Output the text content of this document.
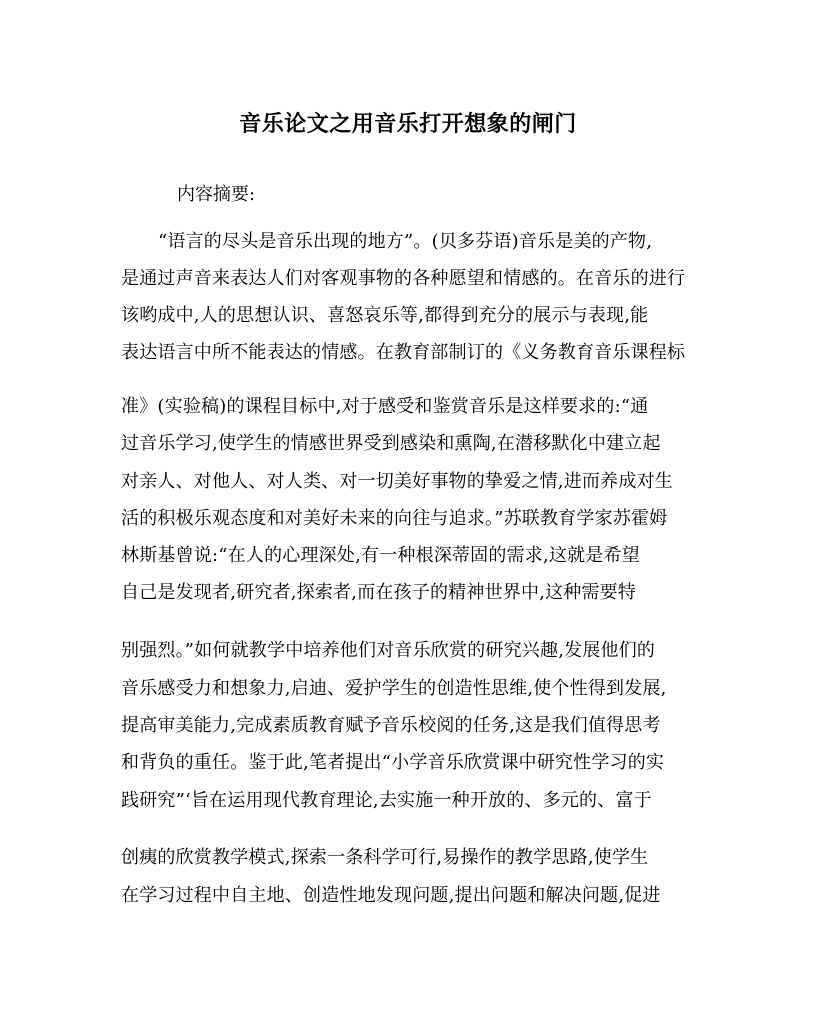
音乐论文之用音乐打开想象的闸门
内容摘要:
“语言的尽头是音乐出现的地方”。(贝多芬语)音乐是美的产物,
是通过声音来表达人们对客观事物的各种愿望和情感的。在音乐的进行
该哟成中,人的思想认识、喜怒哀乐等,都得到充分的展示与表现,能
表达语言中所不能表达的情感。在教育部制订的《义务教育音乐课程标
准》(实验稿)的课程目标中,对于感受和鉴赏音乐是这样要求的:“通
过音乐学习,使学生的情感世界受到感染和熏陶,在潜移默化中建立起
对亲人、对他人、对人类、对一切美好事物的挚爱之情,进而养成对生
活的积极乐观态度和对美好未来的向往与追求。”苏联教育学家苏霍姆
林斯基曾说:“在人的心理深处,有一种根深蒂固的需求,这就是希望
自己是发现者,研究者,探索者,而在孩子的精神世界中,这种需要特
别强烈。”如何就教学中培养他们对音乐欣赏的研究兴趣,发展他们的
音乐感受力和想象力,启迪、爱护学生的创造性思维,使个性得到发展,
提高审美能力,完成素质教育赋予音乐校阅的任务,这是我们值得思考
和背负的重任。鉴于此,笔者提出“小学音乐欣赏课中研究性学习的实
践研究”‘旨在运用现代教育理论,去实施一种开放的、多元的、富于
创痍的欣赏教学模式,探索一条科学可行,易操作的教学思路,使学生
在学习过程中自主地、创造性地发现问题,提出问题和解决问题,促进
